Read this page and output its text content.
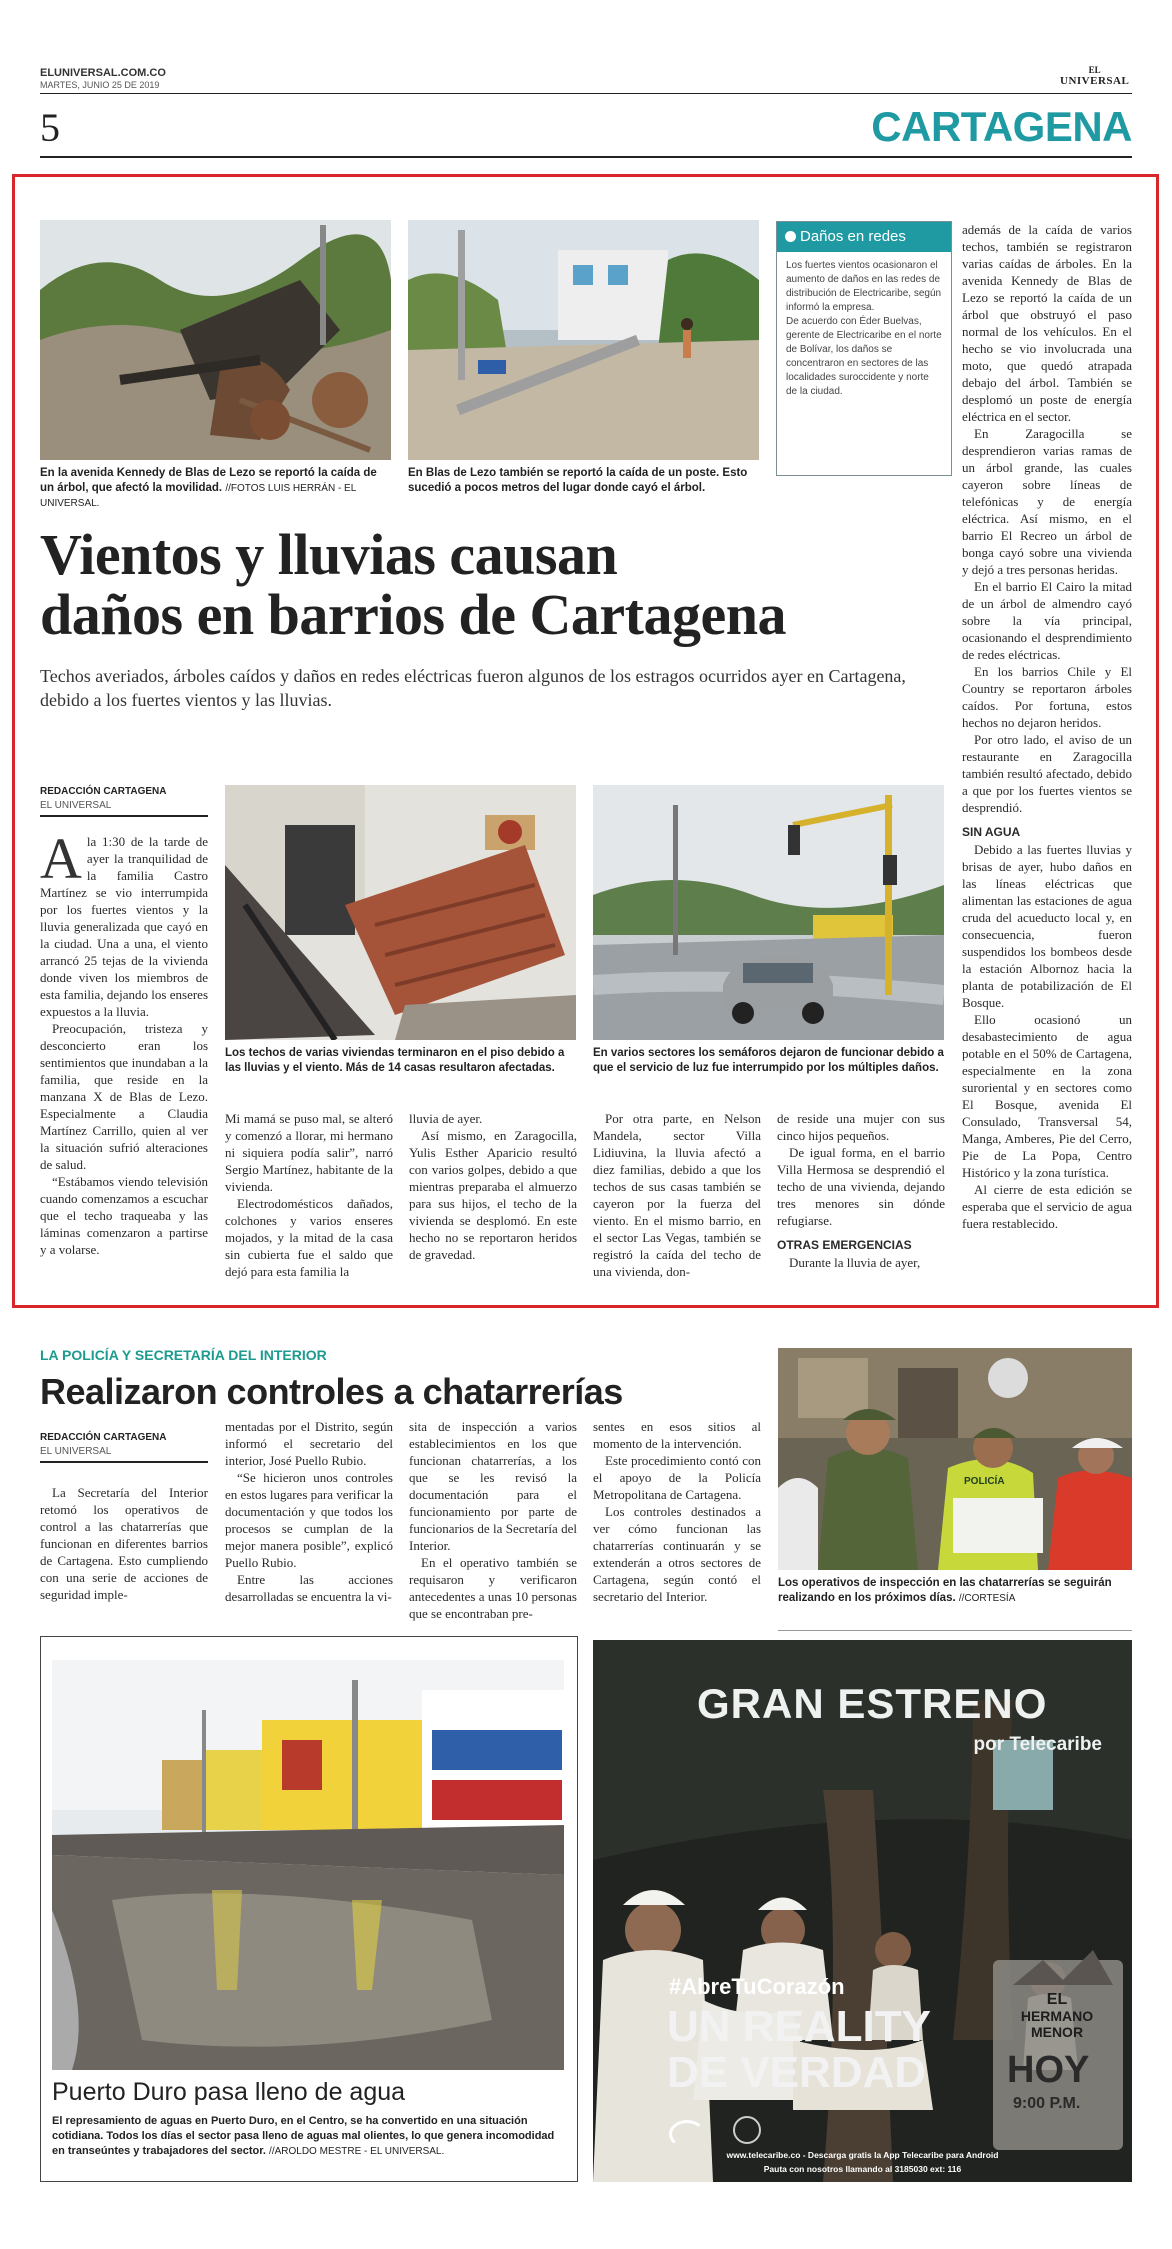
ELUNIVERSAL.COM.CO
MARTES, JUNIO 25 DE 2019
EL
UNIVERSAL
5	CARTAGENA
En la avenida Kennedy de Blas de Lezo se reportó la caída de un árbol, que afectó la movilidad. //FOTOS LUIS HERRÁN - EL UNIVERSAL.
En Blas de Lezo también se reportó la caída de un poste. Esto sucedió a pocos metros del lugar donde cayó el árbol.
Daños en redes
Los fuertes vientos ocasionaron el aumento de daños en las redes de distribución de Electricaribe, según informó la empresa.
De acuerdo con Éder Buelvas, gerente de Electricaribe en el norte de Bolívar, los daños se concentraron en sectores de las localidades suroccidente y norte de la ciudad.
Vientos y lluvias causan
daños en barrios de Cartagena
Techos averiados, árboles caídos y daños en redes eléctricas fueron algunos de los estragos ocurridos ayer en Cartagena, debido a los fuertes vientos y las lluvias.
REDACCIÓN CARTAGENA
EL UNIVERSAL

Ala 1:30 de la tarde de ayer la tranquilidad de la familia Castro Martínez se vio interrumpida por los fuertes vientos y la lluvia generalizada que cayó en la ciudad. Una a una, el viento arrancó 25 tejas de la vivienda donde viven los miembros de esta familia, dejando los enseres expuestos a la lluvia.

Preocupación, tristeza y desconcierto eran los sentimientos que inundaban a la familia, que reside en la manzana X de Blas de Lezo. Especialmente a Claudia Martínez Carrillo, quien al ver la situación sufrió alteraciones de salud.

“Estábamos viendo televisión cuando comenzamos a escuchar que el techo traqueaba y las láminas comenzaron a partirse y a volarse.

Los techos de varias viviendas terminaron en el piso debido a las lluvias y el viento. Más de 14 casas resultaron afectadas.
En varios sectores los semáforos dejaron de funcionar debido a que el servicio de luz fue interrumpido por los múltiples daños.

Mi mamá se puso mal, se alteró y comenzó a llorar, mi hermano ni siquiera podía salir”, narró Sergio Martínez, habitante de la vivienda.

Electrodomésticos dañados, colchones y varios enseres mojados, y la mitad de la casa sin cubierta fue el saldo que dejó para esta familia la

lluvia de ayer.

Así mismo, en Zaragocilla, Yulis Esther Aparicio resultó con varios golpes, debido a que mientras preparaba el almuerzo para sus hijos, el techo de la vivienda se desplomó. En este hecho no se reportaron heridos de gravedad.

Por otra parte, en Nelson Mandela, sector Villa Lidiuvina, la lluvia afectó a diez familias, debido a que los techos de sus casas también se cayeron por la fuerza del viento. En el mismo barrio, en el sector Las Vegas, también se registró la caída del techo de una vivienda, don-

de reside una mujer con sus cinco hijos pequeños.

De igual forma, en el barrio Villa Hermosa se desprendió el techo de una vivienda, dejando tres menores sin dónde refugiarse.

OTRAS EMERGENCIAS

Durante la lluvia de ayer,

además de la caída de varios techos, también se registraron varias caídas de árboles. En la avenida Kennedy de Blas de Lezo se reportó la caída de un árbol que obstruyó el paso normal de los vehículos. En el hecho se vio involucrada una moto, que quedó atrapada debajo del árbol. También se desplomó un poste de energía eléctrica en el sector.

En Zaragocilla se desprendieron varias ramas de un árbol grande, las cuales cayeron sobre líneas de telefónicas y de energía eléctrica. Así mismo, en el barrio El Recreo un árbol de bonga cayó sobre una vivienda y dejó a tres personas heridas.

En el barrio El Cairo la mitad de un árbol de almendro cayó sobre la vía principal, ocasionando el desprendimiento de redes eléctricas.

En los barrios Chile y El Country se reportaron árboles caídos. Por fortuna, estos hechos no dejaron heridos.

Por otro lado, el aviso de un restaurante en Zaragocilla también resultó afectado, debido a que por los fuertes vientos se desprendió.

SIN AGUA

Debido a las fuertes lluvias y brisas de ayer, hubo daños en las líneas eléctricas que alimentan las estaciones de agua cruda del acueducto local y, en consecuencia, fueron suspendidos los bombeos desde la estación Albornoz hacia la planta de potabilización de El Bosque.

Ello ocasionó un desabastecimiento de agua potable en el 50% de Cartagena, especialmente en la zona suroriental y en sectores como El Bosque, avenida El Consulado, Transversal 54, Manga, Amberes, Pie del Cerro, Pie de La Popa, Centro Histórico y la zona turística.

Al cierre de esta edición se esperaba que el servicio de agua fuera restablecido.

LA POLICÍA Y SECRETARÍA DEL INTERIOR
Realizaron controles a chatarrerías
REDACCIÓN CARTAGENA
EL UNIVERSAL

La Secretaría del Interior retomó los operativos de control a las chatarrerías que funcionan en diferentes barrios de Cartagena. Esto cumpliendo con una serie de acciones de seguridad imple-

mentadas por el Distrito, según informó el secretario del interior, José Puello Rubio.

“Se hicieron unos controles en estos lugares para verificar la documentación y que todos los procesos se cumplan de la mejor manera posible”, explicó Puello Rubio.

Entre las acciones desarrolladas se encuentra la vi-

sita de inspección a varios establecimientos en los que funcionan chatarrerías, a los que se les revisó la documentación para el funcionamiento por parte de funcionarios de la Secretaría del Interior.

En el operativo también se requisaron y verificaron antecedentes a unas 10 personas que se encontraban pre-

sentes en esos sitios al momento de la intervención.

Este procedimiento contó con el apoyo de la Policía Metropolitana de Cartagena.

Los controles destinados a ver cómo funcionan las chatarrerías continuarán y se extenderán a otros sectores de Cartagena, según contó el secretario del Interior.

POLICÍA
Los operativos de inspección en las chatarrerías se seguirán realizando en los próximos días. //CORTESÍA
Puerto Duro pasa lleno de agua
El represamiento de aguas en Puerto Duro, en el Centro, se ha convertido en una situación cotidiana. Todos los días el sector pasa lleno de aguas mal olientes, lo que genera incomodidad en transeúntes y trabajadores del sector. //AROLDO MESTRE - EL UNIVERSAL.
GRAN ESTRENO
por Telecaribe
#AbreTuCorazón
UN REALITY
DE VERDAD
EL
HERMANO
MENOR
HOY
9:00 P.M.
www.telecaribe.co - Descarga gratis la App Telecaribe para Android
Pauta con nosotros llamando al 3185030 ext: 116
